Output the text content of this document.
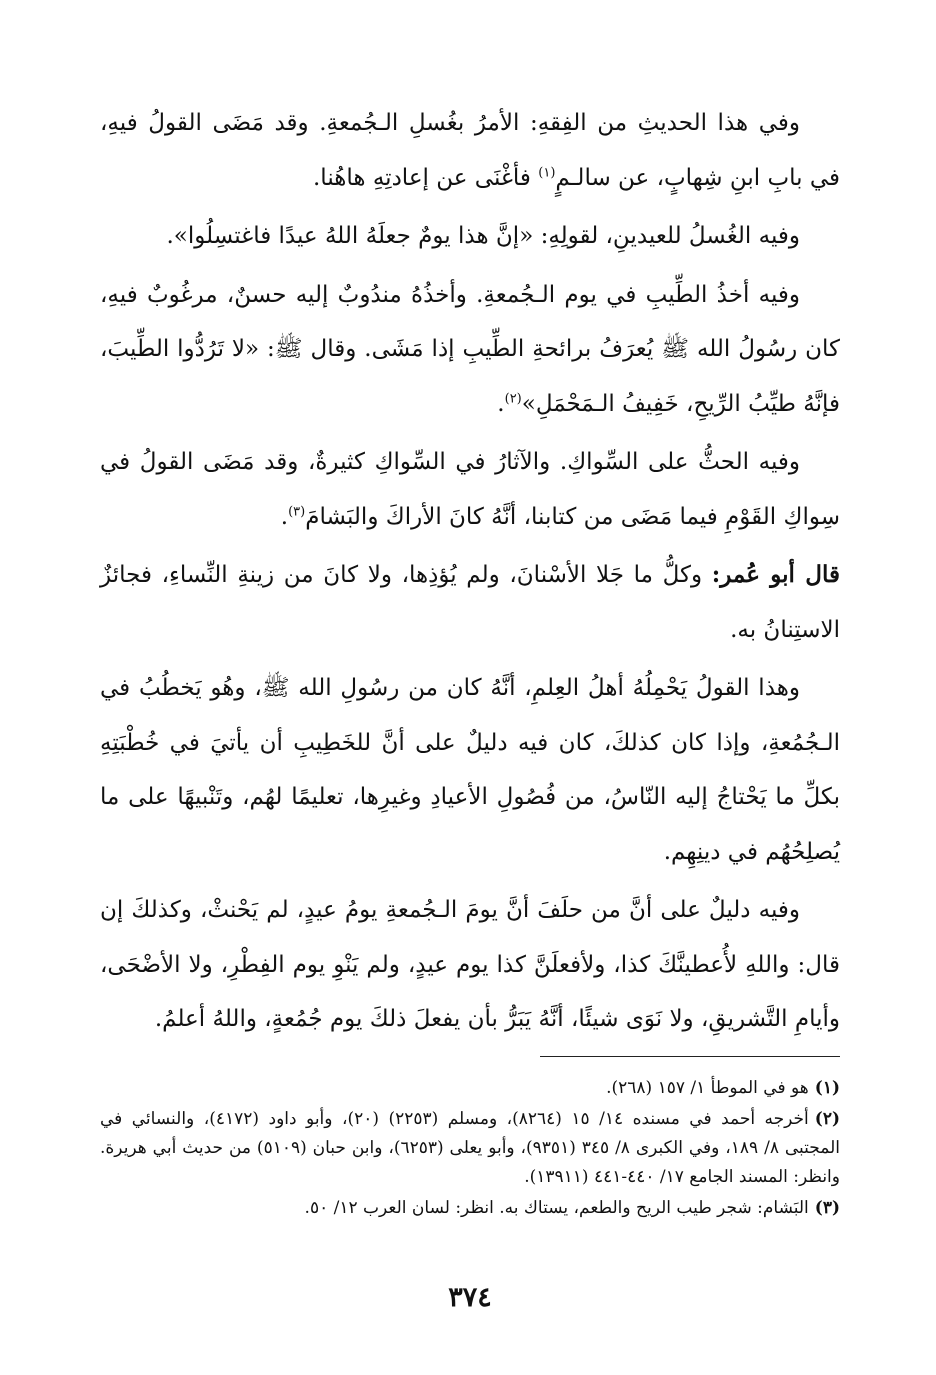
وفي هذا الحديثِ من الفِقهِ: الأمرُ بغُسلِ الـجُمعةِ. وقد مَضَى القولُ فيهِ، في بابِ ابنِ شِهابٍ، عن سالـمٍ$^{(١)}$ فأغْنَى عن إعادتِهِ هاهُنا.

وفيه الغُسلُ للعيدينِ، لقولِهِ: «إنَّ هذا يومٌ جعلَهُ اللهُ عيدًا فاغتسِلُوا».

وفيه أخذُ الطِّيبِ في يوم الـجُمعةِ. وأخذُهُ مندُوبٌ إليه حسنٌ، مرغُوبٌ فيهِ، كان رسُولُ الله ﷺ يُعرَفُ برائحةِ الطِّيبِ إذا مَشَى. وقال ﷺ: «لا تَرُدُّوا الطِّيبَ، فإنَّهُ طيِّبُ الرِّيحِ، خَفِيفُ الـمَحْمَلِ»$^{(٢)}$.

وفيه الحثُّ على السِّواكِ. والآثارُ في السِّواكِ كثيرةٌ، وقد مَضَى القولُ في سِواكِ القَوْمِ فيما مَضَى من كتابنا، أنَّهُ كانَ الأراكَ والبَشامَ$^{(٣)}$.

قال أبو عُمر: وكلُّ ما جَلا الأسْنانَ، ولم يُؤذِها، ولا كانَ من زينةِ النِّساءِ، فجائزٌ الاستِنانُ به.

وهذا القولُ يَحْمِلُهُ أهلُ العِلمِ، أنَّهُ كان من رسُولِ الله ﷺ، وهُو يَخطُبُ في الـجُمُعةِ، وإذا كان كذلكَ، كان فيه دليلٌ على أنَّ للخَطِيبِ أن يأتيَ في خُطْبَتِهِ بكلِّ ما يَحْتاجُ إليه النّاسُ، من فُصُولِ الأعيادِ وغيرِها، تعليمًا لهُم، وتَنْبيهًا على ما يُصلِحُهُم في دينِهِم.

وفيه دليلٌ على أنَّ من حلَفَ أنَّ يومَ الـجُمعةِ يومُ عيدٍ، لم يَحْنثْ، وكذلكَ إن قال: واللهِ لأُعطينَّكَ كذا، ولأفعلَنَّ كذا يوم عيدٍ، ولم يَنْوِ يوم الفِطْرِ، ولا الأضْحَى، وأيامِ التَّشريقِ، ولا نَوَى شيئًا، أنَّهُ يَبَرُّ بأن يفعلَ ذلكَ يوم جُمُعةٍ، واللهُ أعلمُ.

(١)هو في الموطأ ١/ ١٥٧ (٢٦٨).

(٢)أخرجه أحمد في مسنده ١٤/ ١٥ (٨٢٦٤)، ومسلم (٢٢٥٣) (٢٠)، وأبو داود (٤١٧٢)، والنسائي في المجتبى ٨/ ١٨٩، وفي الكبرى ٨/ ٣٤٥ (٩٣٥١)، وأبو يعلى (٦٢٥٣)، وابن حبان (٥١٠٩) من حديث أبي هريرة. وانظر: المسند الجامع ١٧/ ٤٤٠-٤٤١ (١٣٩١١).

(٣)البَشام: شجر طيب الريح والطعم، يستاك به. انظر: لسان العرب ١٢/ ٥٠.

٣٧٤
